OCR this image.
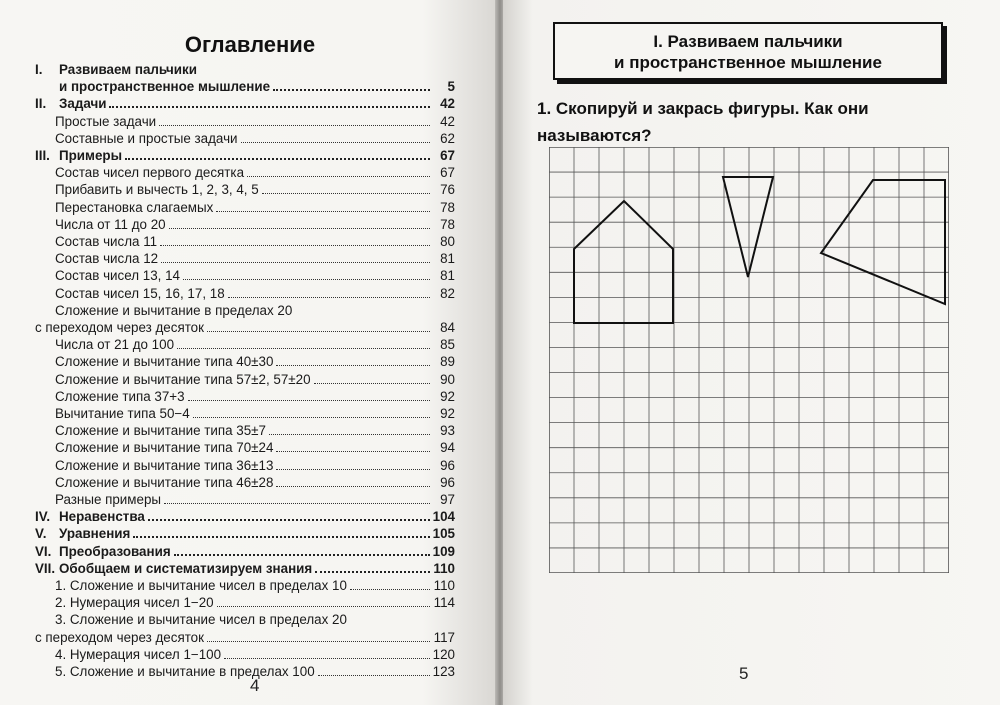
Оглавление
I.	Развиваем пальчики
и пространственное мышление	5
II. Задачи	42
Простые задачи	42
Составные и простые задачи	62
III. Примеры	67
Состав чисел первого десятка	67
Прибавить и вычесть 1, 2, 3, 4, 5	76
Перестановка слагаемых	78
Числа от 11 до 20	78
Состав числа 11	80
Состав числа 12	81
Состав чисел 13, 14	81
Состав чисел 15, 16, 17, 18	82
Сложение и вычитание в пределах 20
с переходом через десяток	84
Числа от 21 до 100	85
Сложение и вычитание типа 40±30	89
Сложение и вычитание типа 57±2, 57±20	90
Сложение типа 37+3	92
Вычитание типа 50−4	92
Сложение и вычитание типа 35±7	93
Сложение и вычитание типа 70±24	94
Сложение и вычитание типа 36±13	96
Сложение и вычитание типа 46±28	96
Разные примеры	97
IV. Неравенства	104
V. Уравнения	105
VI. Преобразования	109
VII. Обобщаем и систематизируем знания	110
1. Сложение и вычитание чисел в пределах 10	110
2. Нумерация чисел 1−20	114
3. Сложение и вычитание чисел в пределах 20
с переходом через десяток	117
4. Нумерация чисел 1−100	120
5. Сложение и вычитание в пределах 100	123
4
I. Развиваем пальчики
и пространственное мышление
1. Скопируй и закрась фигуры. Как они
называются?
5
